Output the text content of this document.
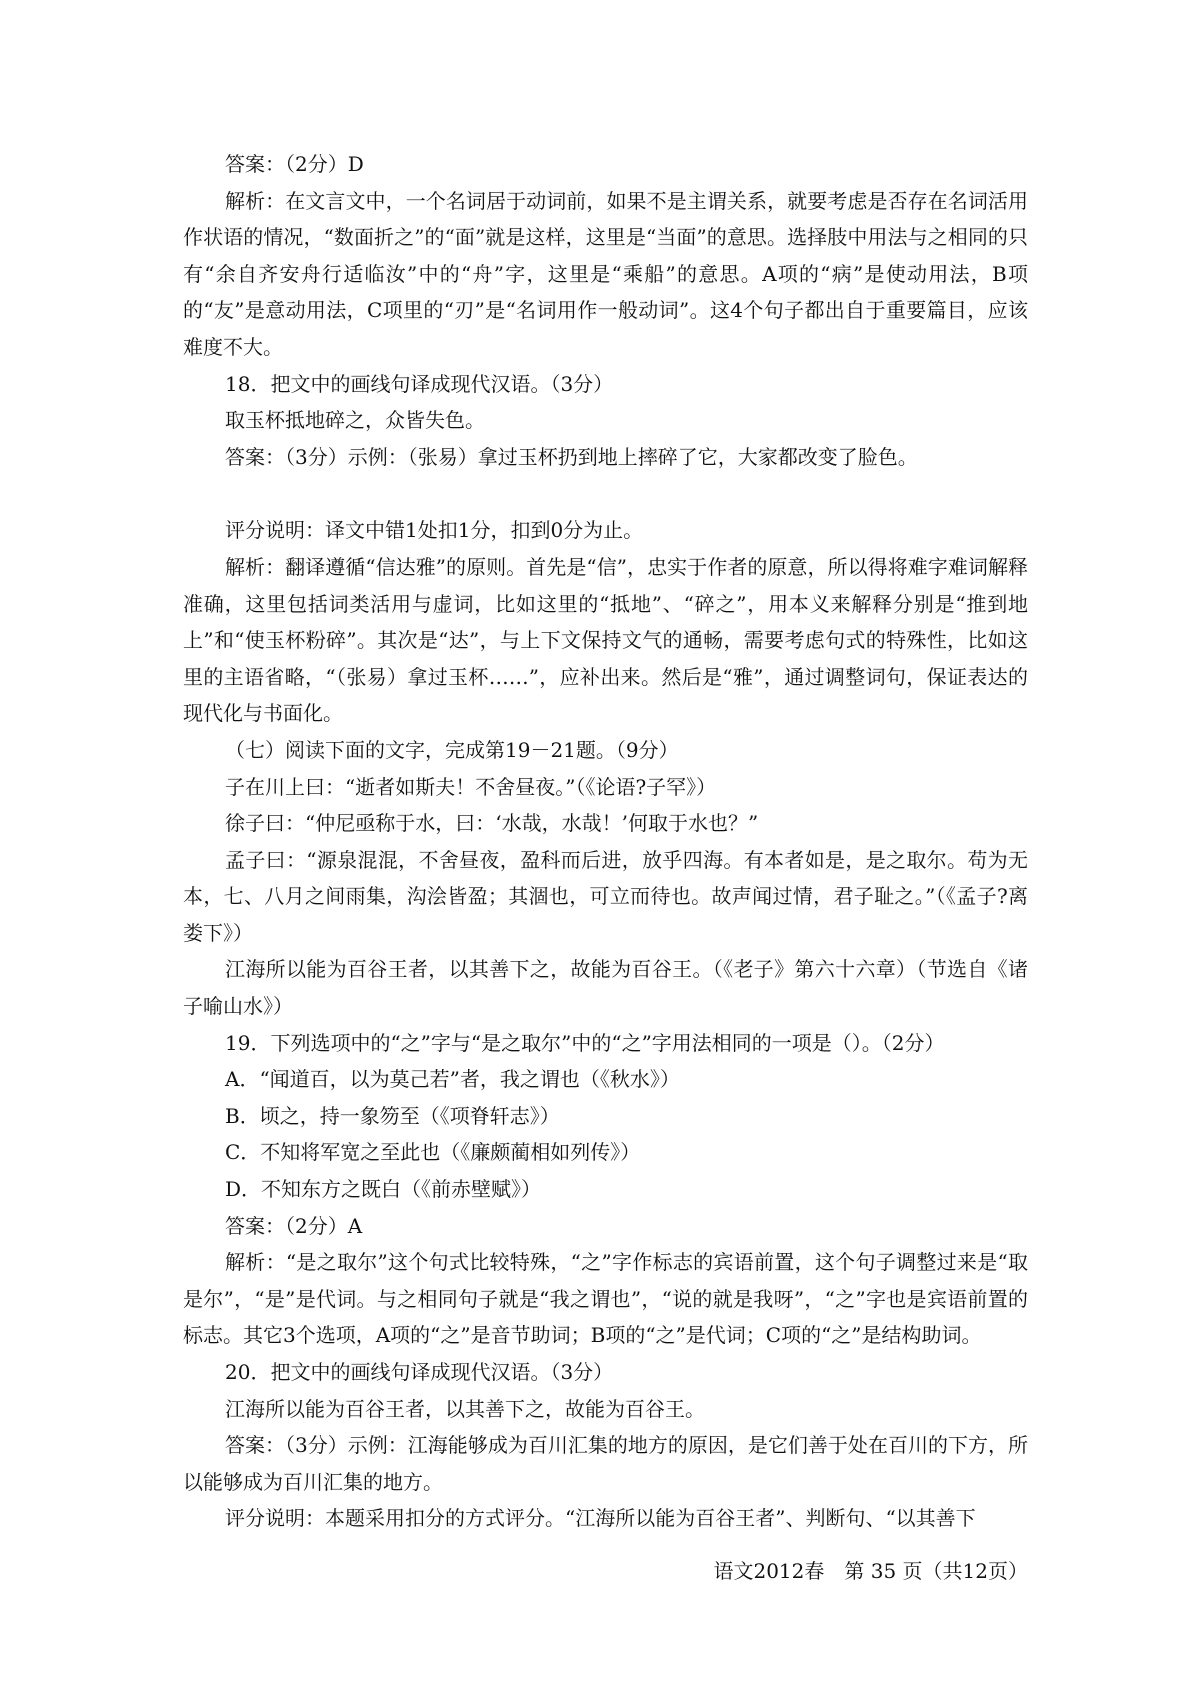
答案：（2分）D

解析：在文言文中，一个名词居于动词前，如果不是主谓关系，就要考虑是否存在名词活用作状语的情况，“数面折之”的“面”就是这样，这里是“当面”的意思。选择肢中用法与之相同的只有“余自齐安舟行适临汝”中的“舟”字，这里是“乘船”的意思。A项的“病”是使动用法，B项的“友”是意动用法，C项里的“刃”是“名词用作一般动词”。这4个句子都出自于重要篇目，应该难度不大。

18．把文中的画线句译成现代汉语。（3分）

取玉杯抵地碎之，众皆失色。

答案：（3分）示例：（张易）拿过玉杯扔到地上摔碎了它，大家都改变了脸色。

评分说明：译文中错1处扣1分，扣到0分为止。

解析：翻译遵循“信达雅”的原则。首先是“信”，忠实于作者的原意，所以得将难字难词解释准确，这里包括词类活用与虚词，比如这里的“抵地”、“碎之”，用本义来解释分别是“推到地上”和“使玉杯粉碎”。其次是“达”，与上下文保持文气的通畅，需要考虑句式的特殊性，比如这里的主语省略，“（张易）拿过玉杯……”，应补出来。然后是“雅”，通过调整词句，保证表达的现代化与书面化。

（七）阅读下面的文字，完成第19－21题。（9分）

子在川上曰：“逝者如斯夫！不舍昼夜。”（《论语?子罕》）

徐子曰：“仲尼亟称于水，曰：‘水哉，水哉！’何取于水也？”

孟子曰：“源泉混混，不舍昼夜，盈科而后进，放乎四海。有本者如是，是之取尔。苟为无本，七、八月之间雨集，沟浍皆盈；其涸也，可立而待也。故声闻过情，君子耻之。”（《孟子?离娄下》）

江海所以能为百谷王者，以其善下之，故能为百谷王。（《老子》第六十六章）（节选自《诸子喻山水》）

19．下列选项中的“之”字与“是之取尔”中的“之”字用法相同的一项是（）。（2分）

A．“闻道百，以为莫己若”者，我之谓也（《秋水》）

B．顷之，持一象笏至（《项脊轩志》）

C．不知将军宽之至此也（《廉颇蔺相如列传》）

D．不知东方之既白（《前赤壁赋》）

答案：（2分）A

解析：“是之取尔”这个句式比较特殊，“之”字作标志的宾语前置，这个句子调整过来是“取是尔”，“是”是代词。与之相同句子就是“我之谓也”，“说的就是我呀”，“之”字也是宾语前置的标志。其它3个选项，A项的“之”是音节助词；B项的“之”是代词；C项的“之”是结构助词。

20．把文中的画线句译成现代汉语。（3分）

江海所以能为百谷王者，以其善下之，故能为百谷王。

答案：（3分）示例：江海能够成为百川汇集的地方的原因，是它们善于处在百川的下方，所以能够成为百川汇集的地方。

评分说明：本题采用扣分的方式评分。“江海所以能为百谷王者”、判断句、“以其善下

语文2012春　第 35 页（共12页）
